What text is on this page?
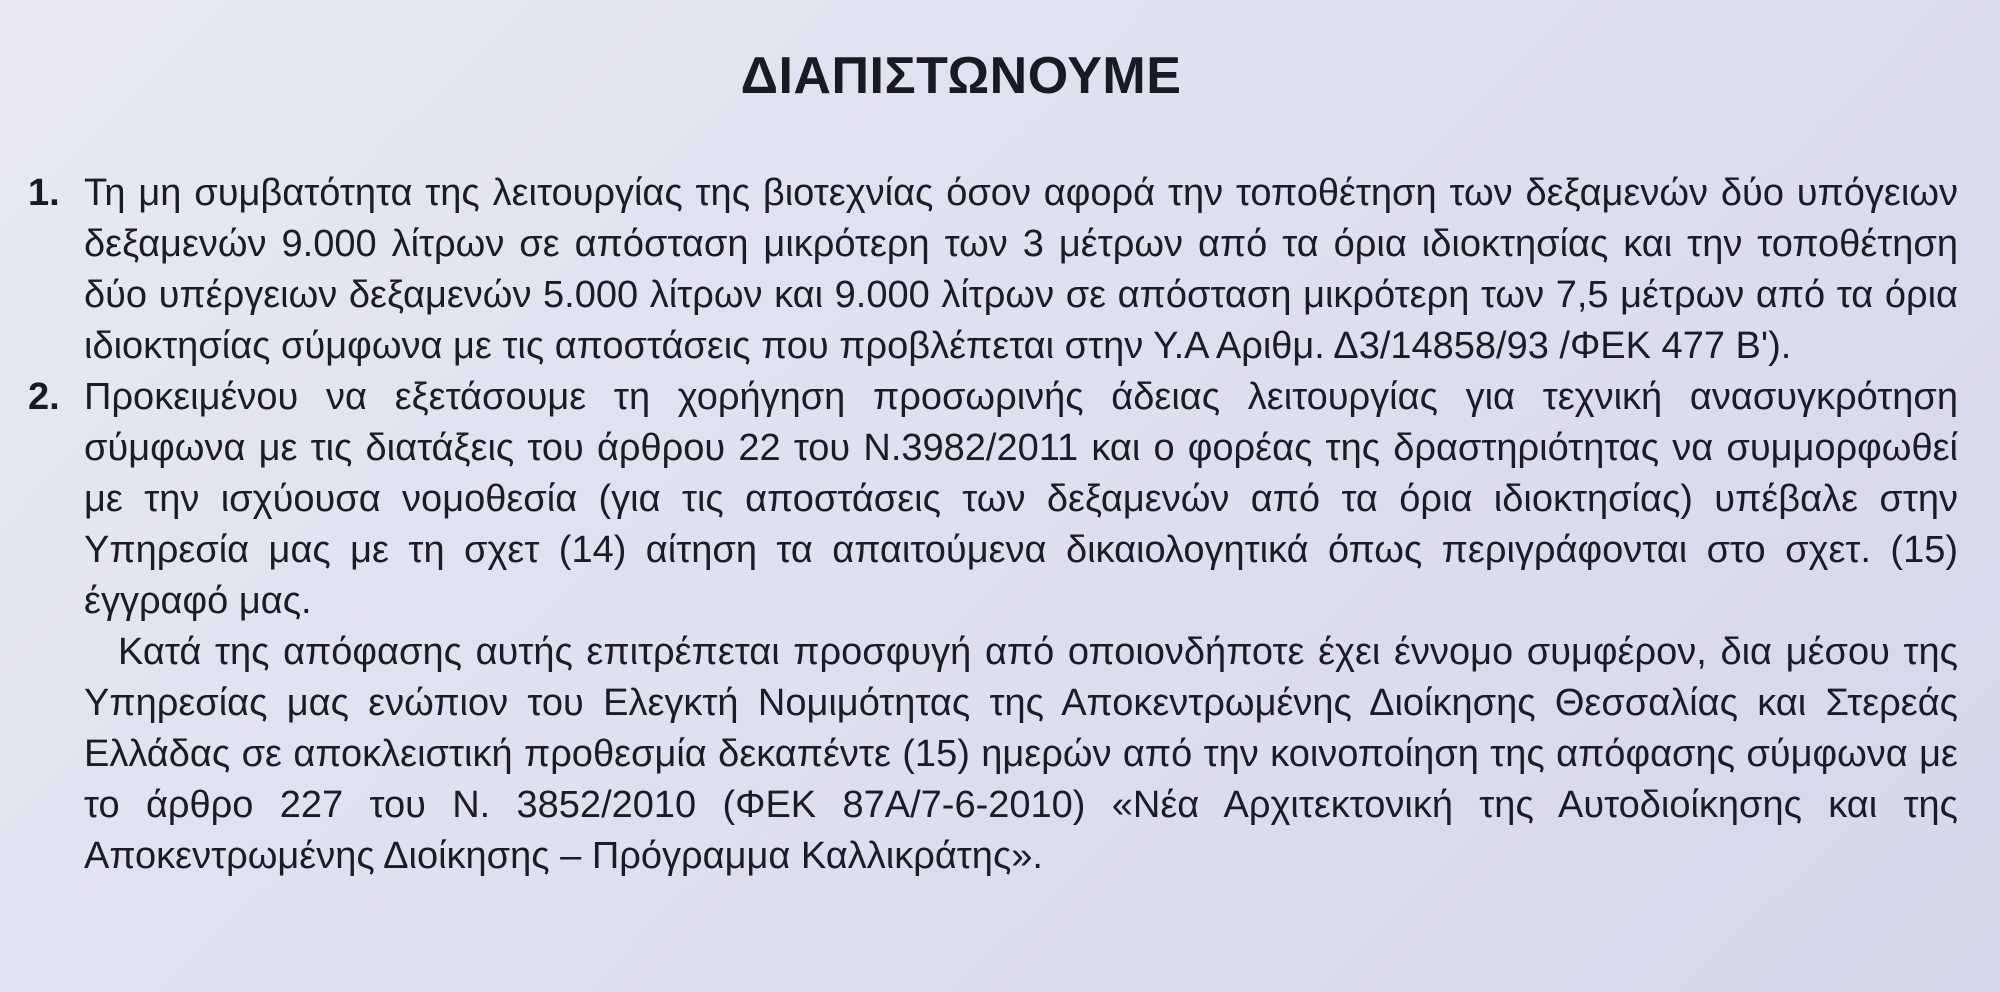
ΔΙΑΠΙΣΤΩΝΟΥΜΕ
1. Τη μη συμβατότητα της λειτουργίας της βιοτεχνίας όσον αφορά την τοποθέτηση των δεξαμενών δύο υπόγειων δεξαμενών 9.000 λίτρων σε απόσταση μικρότερη των 3 μέτρων από τα όρια ιδιοκτησίας και την τοποθέτηση δύο υπέργειων δεξαμενών 5.000 λίτρων και 9.000 λίτρων σε απόσταση μικρότερη των 7,5 μέτρων από τα όρια ιδιοκτησίας σύμφωνα με τις αποστάσεις που προβλέπεται στην Υ.Α Αριθμ. Δ3/14858/93 /ΦΕΚ 477 Β').
2. Προκειμένου να εξετάσουμε τη χορήγηση προσωρινής άδειας λειτουργίας για τεχνική ανασυγκρότηση σύμφωνα με τις διατάξεις του άρθρου 22 του Ν.3982/2011 και ο φορέας της δραστηριότητας να συμμορφωθεί με την ισχύουσα νομοθεσία (για τις αποστάσεις των δεξαμενών από τα όρια ιδιοκτησίας) υπέβαλε στην Υπηρεσία μας με τη σχετ (14) αίτηση τα απαιτούμενα δικαιολογητικά όπως περιγράφονται στο σχετ. (15) έγγραφό μας.
Κατά της απόφασης αυτής επιτρέπεται προσφυγή από οποιονδήποτε έχει έννομο συμφέρον, δια μέσου της Υπηρεσίας μας ενώπιον του Ελεγκτή Νομιμότητας της Αποκεντρωμένης Διοίκησης Θεσσαλίας και Στερεάς Ελλάδας σε αποκλειστική προθεσμία δεκαπέντε (15) ημερών από την κοινοποίηση της απόφασης σύμφωνα με το άρθρο 227 του Ν. 3852/2010 (ΦΕΚ 87Α/7-6-2010) «Νέα Αρχιτεκτονική της Αυτοδιοίκησης και της Αποκεντρωμένης Διοίκησης – Πρόγραμμα Καλλικράτης».
